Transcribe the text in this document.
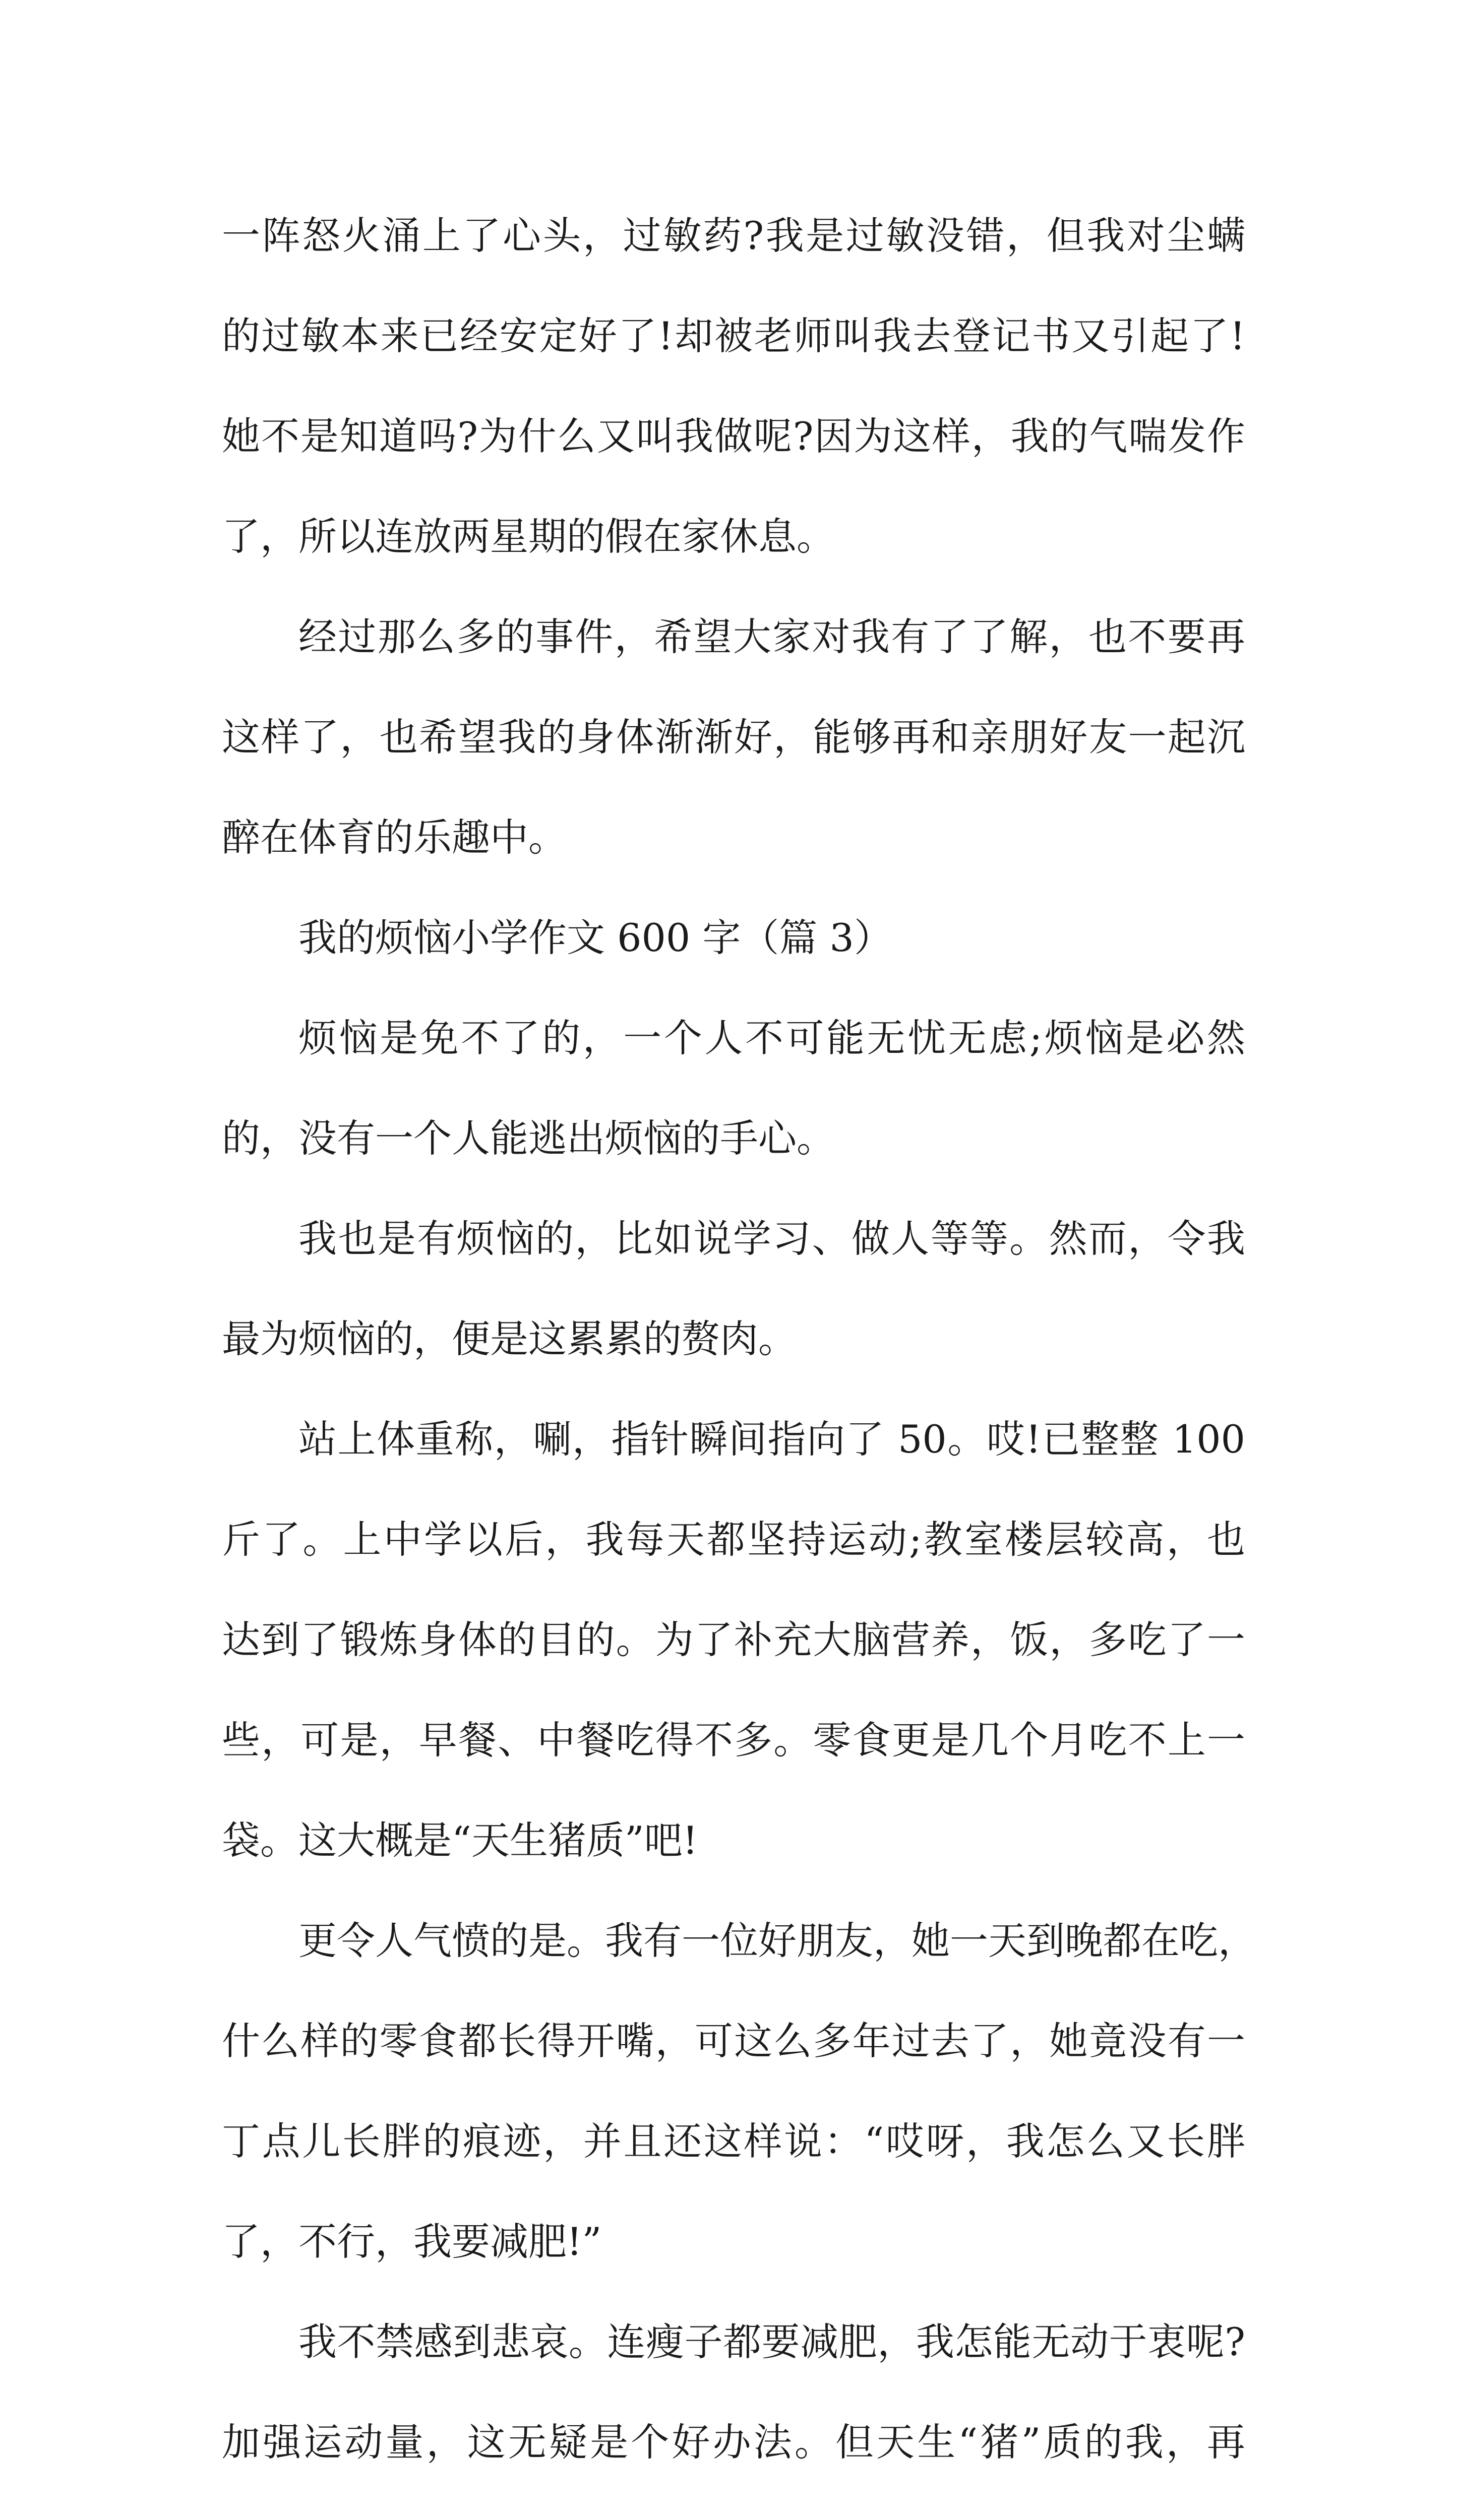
一阵怒火涌上了心头，过敏药?我是过敏没错，但我对尘螨
的过敏本来已经安定好了!却被老师叫我去登记书又引起了!
她不是知道吗?为什么又叫我做呢?因为这样，我的气喘发作
了，所以连放两星期的假在家休息。
经过那么多的事件，希望大家对我有了了解，也不要再
这样了，也希望我的身体渐渐好，能够再和亲朋好友一起沉
醉在体育的乐趣中。
我的烦恼小学作文 600 字（篇 3）
烦恼是免不了的，一个人不可能无忧无虑;烦恼是必然
的，没有一个人能逃出烦恼的手心。
我也是有烦恼的，比如说学习、做人等等。然而，令我
最为烦恼的，便是这累累的赘肉。
站上体重称，唰，指针瞬间指向了 50。哎!已整整 100
斤了。上中学以后，我每天都坚持运动;教室楼层较高，也
达到了锻炼身体的目的。为了补充大脑营养，饭，多吃了一
些，可是，早餐、中餐吃得不多。零食更是几个月吃不上一
袋。这大概是“天生猪质”吧!
更令人气愤的是。我有一位好朋友，她一天到晚都在吃，
什么样的零食都长得开嘴，可这么多年过去了，她竟没有一
丁点儿长胖的痕迹，并且还这样说：“哎呀，我怎么又长胖
了，不行，我要减肥!”
我不禁感到悲哀。连瘦子都要减肥，我怎能无动于衷呢?
加强运动量，这无疑是个好办法。但天生“猪”质的我，再
